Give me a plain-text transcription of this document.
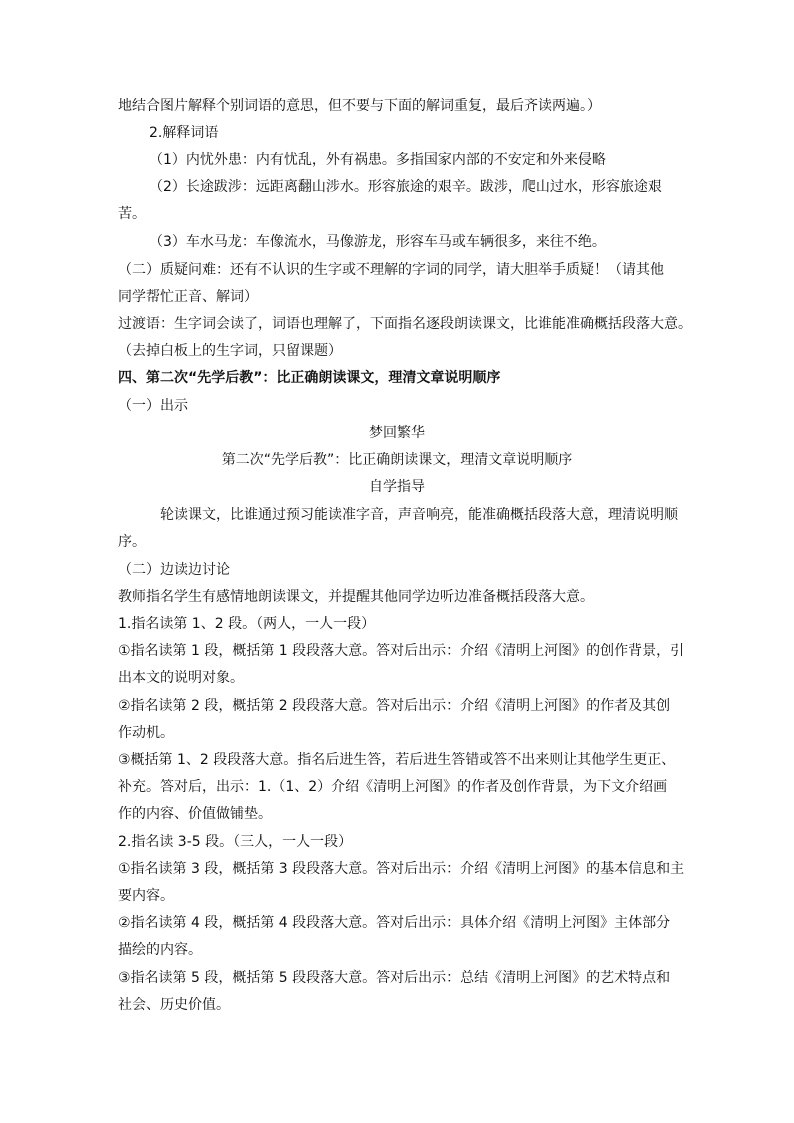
地结合图片解释个别词语的意思，但不要与下面的解词重复，最后齐读两遍。）

2.解释词语

（1）内忧外患：内有忧乱，外有祸患。多指国家内部的不安定和外来侵略

（2）长途跋涉：远距离翻山涉水。形容旅途的艰辛。跋涉，爬山过水，形容旅途艰

苦。

（3）车水马龙：车像流水，马像游龙，形容车马或车辆很多，来往不绝。

（二）质疑问难：还有不认识的生字或不理解的字词的同学，请大胆举手质疑！（请其他

同学帮忙正音、解词）

过渡语：生字词会读了，词语也理解了，下面指名逐段朗读课文，比谁能准确概括段落大意。

（去掉白板上的生字词，只留课题）

四、第二次“先学后教”：比正确朗读课文，理清文章说明顺序

（一）出示

梦回繁华

第二次“先学后教”：比正确朗读课文，理清文章说明顺序

自学指导

轮读课文，比谁通过预习能读准字音，声音响亮，能准确概括段落大意，理清说明顺

序。

（二）边读边讨论

教师指名学生有感情地朗读课文，并提醒其他同学边听边准备概括段落大意。

1.指名读第 1、2 段。（两人，一人一段）

①指名读第 1 段，概括第 1 段段落大意。答对后出示：介绍《清明上河图》的创作背景，引

出本文的说明对象。

②指名读第 2 段，概括第 2 段段落大意。答对后出示：介绍《清明上河图》的作者及其创

作动机。

③概括第 1、2 段段落大意。指名后进生答，若后进生答错或答不出来则让其他学生更正、

补充。答对后，出示：1.（1、2）介绍《清明上河图》的作者及创作背景，为下文介绍画

作的内容、价值做铺垫。

2.指名读 3-5 段。（三人，一人一段）

①指名读第 3 段，概括第 3 段段落大意。答对后出示：介绍《清明上河图》的基本信息和主

要内容。

②指名读第 4 段，概括第 4 段段落大意。答对后出示：具体介绍《清明上河图》主体部分

描绘的内容。

③指名读第 5 段，概括第 5 段段落大意。答对后出示：总结《清明上河图》的艺术特点和

社会、历史价值。
